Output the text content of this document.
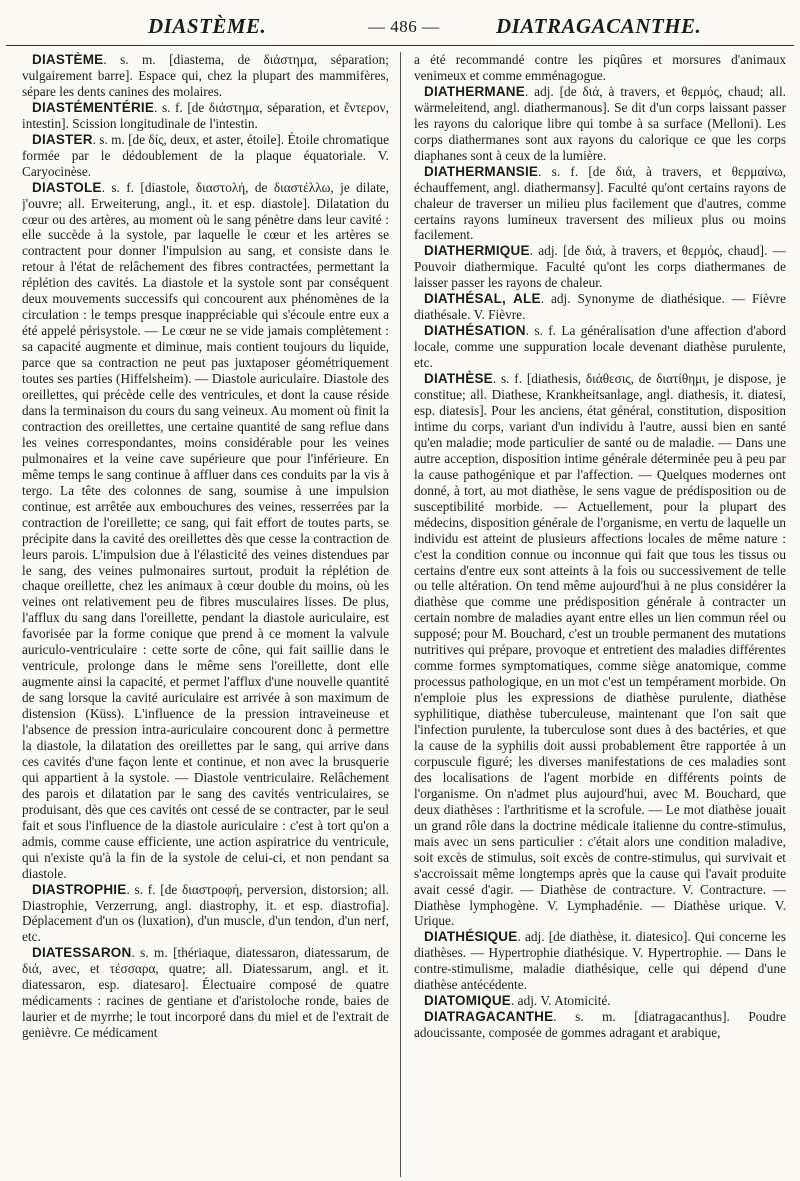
DIASTÈME.	— 486 —	DIATRAGACANTHE.

DIASTÈME. s. m. [diastema, de διάστημα, séparation; vulgairement barre]. Espace qui, chez la plupart des mammifères, sépare les dents canines des molaires.

DIASTÉMENTÉRIE. s. f. [de διάστημα, séparation, et ἔντερον, intestin]. Scission longitudinale de l'intestin.

DIASTER. s. m. [de δίς, deux, et aster, étoile]. Étoile chromatique formée par le dédoublement de la plaque équatoriale. V. Caryocinèse.

DIASTOLE. s. f. [diastole, διαστολή, de διαστέλλω, je dilate, j'ouvre; all. Erweiterung, angl., it. et esp. diastole]. Dilatation du cœur ou des artères, au moment où le sang pénètre dans leur cavité : elle succède à la systole, par laquelle le cœur et les artères se contractent pour donner l'impulsion au sang, et consiste dans le retour à l'état de relâchement des fibres contractées, permettant la réplétion des cavités. La diastole et la systole sont par conséquent deux mouvements successifs qui concourent aux phénomènes de la circulation : le temps presque inappréciable qui s'écoule entre eux a été appelé périsystole. — Le cœur ne se vide jamais complètement : sa capacité augmente et diminue, mais contient toujours du liquide, parce que sa contraction ne peut pas juxtaposer géométriquement toutes ses parties (Hiffelsheim). — Diastole auriculaire. Diastole des oreillettes, qui précède celle des ventricules, et dont la cause réside dans la terminaison du cours du sang veineux. Au moment où finit la contraction des oreillettes, une certaine quantité de sang reflue dans les veines correspondantes, moins considérable pour les veines pulmonaires et la veine cave supérieure que pour l'inférieure. En même temps le sang continue à affluer dans ces conduits par la vis à tergo. La tête des colonnes de sang, soumise à une impulsion continue, est arrêtée aux embouchures des veines, resserrées par la contraction de l'oreillette; ce sang, qui fait effort de toutes parts, se précipite dans la cavité des oreillettes dès que cesse la contraction de leurs parois. L'impulsion due à l'élasticité des veines distendues par le sang, des veines pulmonaires surtout, produit la réplétion de chaque oreillette, chez les animaux à cœur double du moins, où les veines ont relativement peu de fibres musculaires lisses. De plus, l'afflux du sang dans l'oreillette, pendant la diastole auriculaire, est favorisée par la forme conique que prend à ce moment la valvule auriculo-ventriculaire : cette sorte de cône, qui fait saillie dans le ventricule, prolonge dans le même sens l'oreillette, dont elle augmente ainsi la capacité, et permet l'afflux d'une nouvelle quantité de sang lorsque la cavité auriculaire est arrivée à son maximum de distension (Küss). L'influence de la pression intraveineuse et l'absence de pression intra-auriculaire concourent donc à permettre la diastole, la dilatation des oreillettes par le sang, qui arrive dans ces cavités d'une façon lente et continue, et non avec la brusquerie qui appartient à la systole. — Diastole ventriculaire. Relâchement des parois et dilatation par le sang des cavités ventriculaires, se produisant, dès que ces cavités ont cessé de se contracter, par le seul fait et sous l'influence de la diastole auriculaire : c'est à tort qu'on a admis, comme cause efficiente, une action aspiratrice du ventricule, qui n'existe qu'à la fin de la systole de celui-ci, et non pendant sa diastole.

DIASTROPHIE. s. f. [de διαστροφή, perversion, distorsion; all. Diastrophie, Verzerrung, angl. diastrophy, it. et esp. diastrofia]. Déplacement d'un os (luxation), d'un muscle, d'un tendon, d'un nerf, etc.

DIATESSARON. s. m. [thériaque, diatessaron, diatessarum, de διά, avec, et τέσσαρα, quatre; all. Diatessarum, angl. et it. diatessaron, esp. diatesaro]. Électuaire composé de quatre médicaments : racines de gentiane et d'aristoloche ronde, baies de laurier et de myrrhe; le tout incorporé dans du miel et de l'extrait de genièvre. Ce médicament

a été recommandé contre les piqûres et morsures d'animaux venimeux et comme emménagogue.

DIATHERMANE. adj. [de διά, à travers, et θερμός, chaud; all. wärmeleitend, angl. diathermanous]. Se dit d'un corps laissant passer les rayons du calorique libre qui tombe à sa surface (Melloni). Les corps diathermanes sont aux rayons du calorique ce que les corps diaphanes sont à ceux de la lumière.

DIATHERMANSIE. s. f. [de διά, à travers, et θερμαίνω, échauffement, angl. diathermansy]. Faculté qu'ont certains rayons de chaleur de traverser un milieu plus facilement que d'autres, comme certains rayons lumineux traversent des milieux plus ou moins facilement.

DIATHERMIQUE. adj. [de διά, à travers, et θερμός, chaud]. — Pouvoir diathermique. Faculté qu'ont les corps diathermanes de laisser passer les rayons de chaleur.

DIATHÉSAL, ALE. adj. Synonyme de diathésique. — Fièvre diathésale. V. Fièvre.

DIATHÉSATION. s. f. La généralisation d'une affection d'abord locale, comme une suppuration locale devenant diathèse purulente, etc.

DIATHÈSE. s. f. [diathesis, διάθεσις, de διατίθημι, je dispose, je constitue; all. Diathese, Krankheitsanlage, angl. diathesis, it. diatesi, esp. diatesis]. Pour les anciens, état général, constitution, disposition intime du corps, variant d'un individu à l'autre, aussi bien en santé qu'en maladie; mode particulier de santé ou de maladie. — Dans une autre acception, disposition intime générale déterminée peu à peu par la cause pathogénique et par l'affection. — Quelques modernes ont donné, à tort, au mot diathèse, le sens vague de prédisposition ou de susceptibilité morbide. — Actuellement, pour la plupart des médecins, disposition générale de l'organisme, en vertu de laquelle un individu est atteint de plusieurs affections locales de même nature : c'est la condition connue ou inconnue qui fait que tous les tissus ou certains d'entre eux sont atteints à la fois ou successivement de telle ou telle altération. On tend même aujourd'hui à ne plus considérer la diathèse que comme une prédisposition générale à contracter un certain nombre de maladies ayant entre elles un lien commun réel ou supposé; pour M. Bouchard, c'est un trouble permanent des mutations nutritives qui prépare, provoque et entretient des maladies différentes comme formes symptomatiques, comme siège anatomique, comme processus pathologique, en un mot c'est un tempérament morbide. On n'emploie plus les expressions de diathèse purulente, diathèse syphilitique, diathèse tuberculeuse, maintenant que l'on sait que l'infection purulente, la tuberculose sont dues à des bactéries, et que la cause de la syphilis doit aussi probablement être rapportée à un corpuscule figuré; les diverses manifestations de ces maladies sont des localisations de l'agent morbide en différents points de l'organisme. On n'admet plus aujourd'hui, avec M. Bouchard, que deux diathèses : l'arthritisme et la scrofule. — Le mot diathèse jouait un grand rôle dans la doctrine médicale italienne du contre-stimulus, mais avec un sens particulier : c'était alors une condition maladive, soit excès de stimulus, soit excès de contre-stimulus, qui survivait et s'accroissait même longtemps après que la cause qui l'avait produite avait cessé d'agir. — Diathèse de contracture. V. Contracture. — Diathèse lymphogène. V. Lymphadénie. — Diathèse urique. V. Urique.

DIATHÉSIQUE. adj. [de diathèse, it. diatesico]. Qui concerne les diathèses. — Hypertrophie diathésique. V. Hypertrophie. — Dans le contre-stimulisme, maladie diathésique, celle qui dépend d'une diathèse antécédente.

DIATOMIQUE. adj. V. Atomicité.

DIATRAGACANTHE. s. m. [diatragacanthus]. Poudre adoucissante, composée de gommes adragant et arabique,
